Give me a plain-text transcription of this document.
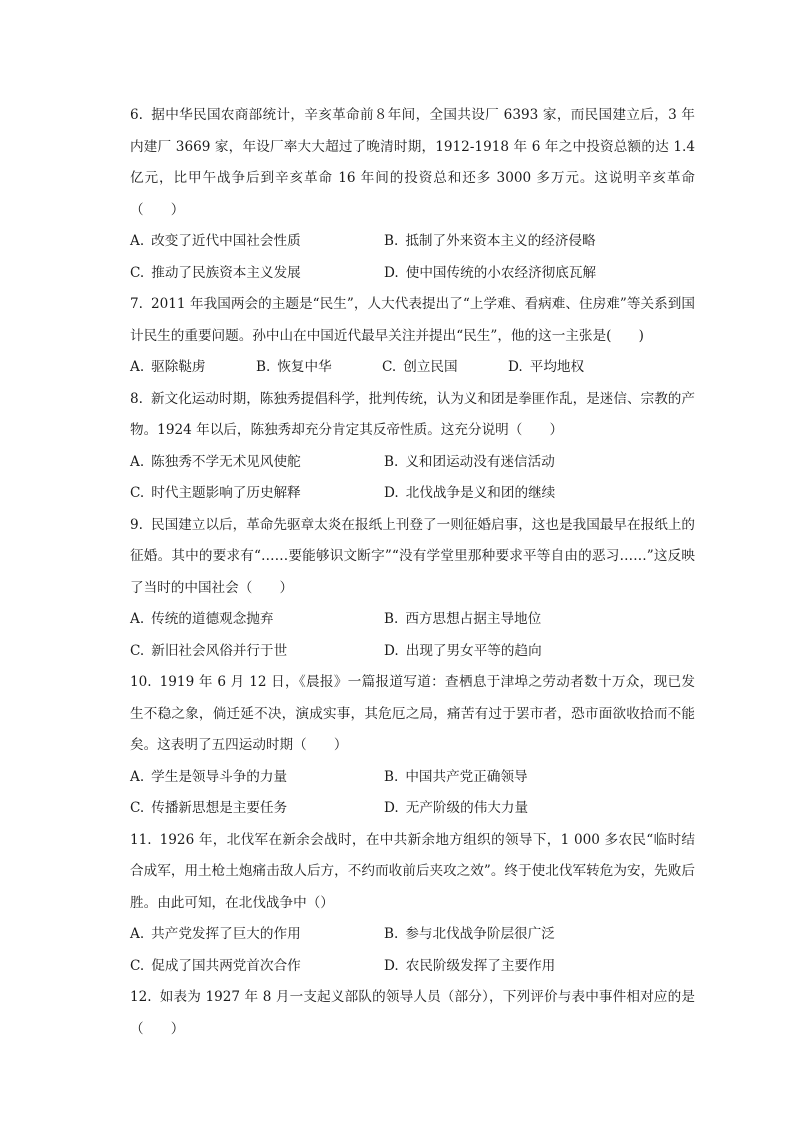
6. 据中华民国农商部统计，辛亥革命前８年间，全国共设厂 6393 家，而民国建立后，3 年内建厂 3669 家，年设厂率大大超过了晚清时期，1912-1918 年 6 年之中投资总额的达 1.4 亿元，比甲午战争后到辛亥革命 16 年间的投资总和还多 3000 多万元。这说明辛亥革命（　　）

A. 改变了近代中国社会性质	B. 抵制了外来资本主义的经济侵略
C. 推动了民族资本主义发展	D. 使中国传统的小农经济彻底瓦解

7. 2011 年我国两会的主题是“民生”，人大代表提出了“上学难、看病难、住房难”等关系到国计民生的重要问题。孙中山在中国近代最早关注并提出“民生”，他的这一主张是(　　)

A. 驱除鞑虏	B. 恢复中华	C. 创立民国	D. 平均地权

8. 新文化运动时期，陈独秀提倡科学，批判传统，认为义和团是拳匪作乱，是迷信、宗教的产物。1924 年以后，陈独秀却充分肯定其反帝性质。这充分说明（　　）

A. 陈独秀不学无术见风使舵	B. 义和团运动没有迷信活动
C. 时代主题影响了历史解释	D. 北伐战争是义和团的继续

9. 民国建立以后，革命先驱章太炎在报纸上刊登了一则征婚启事，这也是我国最早在报纸上的征婚。其中的要求有“……要能够识文断字”“没有学堂里那种要求平等自由的恶习……”这反映了当时的中国社会（　　）

A. 传统的道德观念抛弃	B. 西方思想占据主导地位
C. 新旧社会风俗并行于世	D. 出现了男女平等的趋向

10. 1919 年 6 月 12 日，《晨报》一篇报道写道：查栖息于津埠之劳动者数十万众，现已发生不稳之象，倘迁延不决，演成实事，其危厄之局，痛苦有过于罢市者，恐市面欲收拾而不能矣。这表明了五四运动时期（　　）

A. 学生是领导斗争的力量	B. 中国共产党正确领导
C. 传播新思想是主要任务	D. 无产阶级的伟大力量

11. 1926 年，北伐军在新余会战时，在中共新余地方组织的领导下，1 000 多农民“临时结合成军，用土枪土炮痛击敌人后方，不约而收前后夹攻之效”。终于使北伐军转危为安，先败后胜。由此可知，在北伐战争中（）

A. 共产党发挥了巨大的作用	B. 参与北伐战争阶层很广泛
C. 促成了国共两党首次合作	D. 农民阶级发挥了主要作用

12. 如表为 1927 年 8 月一支起义部队的领导人员（部分），下列评价与表中事件相对应的是（　　）
